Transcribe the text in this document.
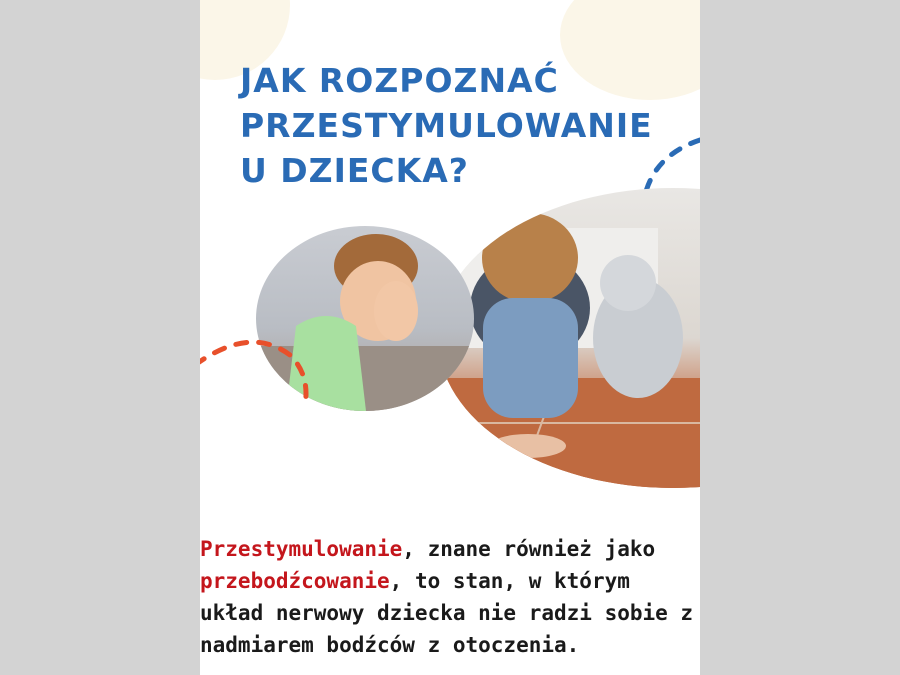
JAK ROZPOZNAĆ
PRZESTYMULOWANIE
U DZIECKA?

Przestymulowanie, znane również jako
przebodźcowanie, to stan, w którym
układ nerwowy dziecka nie radzi sobie z
nadmiarem bodźców z otoczenia.
